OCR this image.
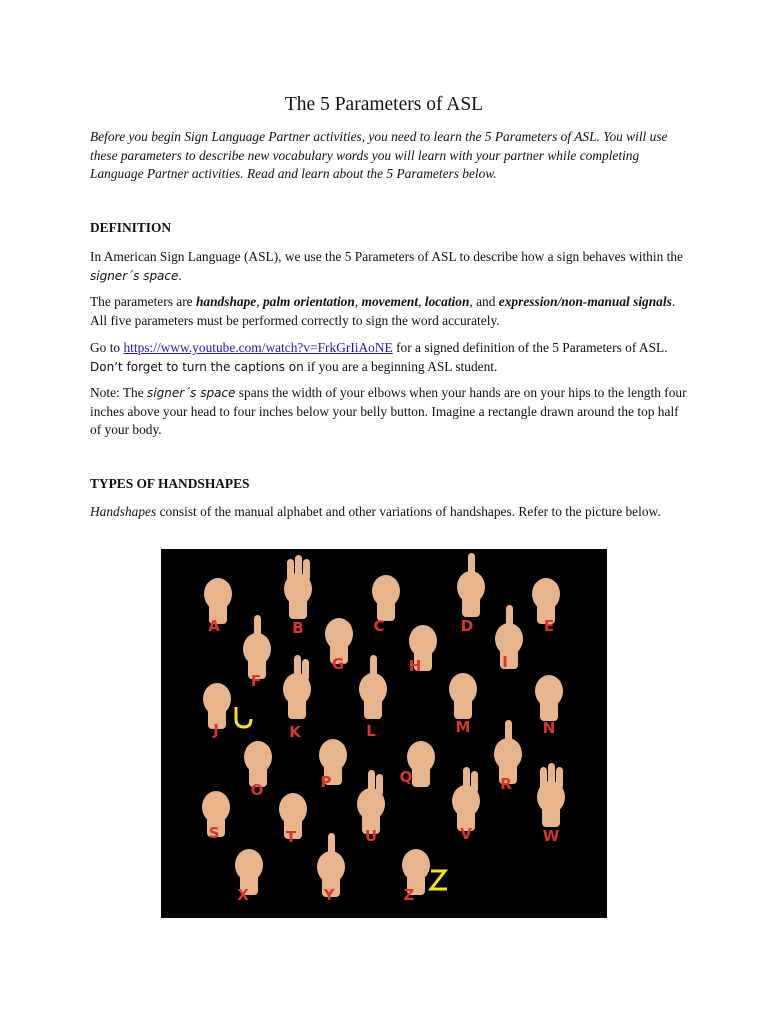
The 5 Parameters of ASL

Before you begin Sign Language Partner activities, you need to learn the 5 Parameters of ASL. You will use these parameters to describe new vocabulary words you will learn with your partner while completing Language Partner activities. Read and learn about the 5 Parameters below.

DEFINITION

In American Sign Language (ASL), we use the 5 Parameters of ASL to describe how a sign behaves within the signer´s space.

The parameters are handshape, palm orientation, movement, location, and expression/non-manual signals. All five parameters must be performed correctly to sign the word accurately.

Go to https://www.youtube.com/watch?v=FrkGrIiAoNE for a signed definition of the 5 Parameters of ASL. Don’t forget to turn the captions on if you are a beginning ASL student.

Note: The signer´s space spans the width of your elbows when your hands are on your hips to the length four inches above your head to four inches below your belly button. Imagine a rectangle drawn around the top half of your body.

TYPES OF HANDSHAPES

Handshapes consist of the manual alphabet and other variations of handshapes. Refer to the picture below.

A	B	C	D	E
F
G	H	I
J	K	L	M	N
O	P	Q	R
S	T	U	V	W
X	Y	Z
